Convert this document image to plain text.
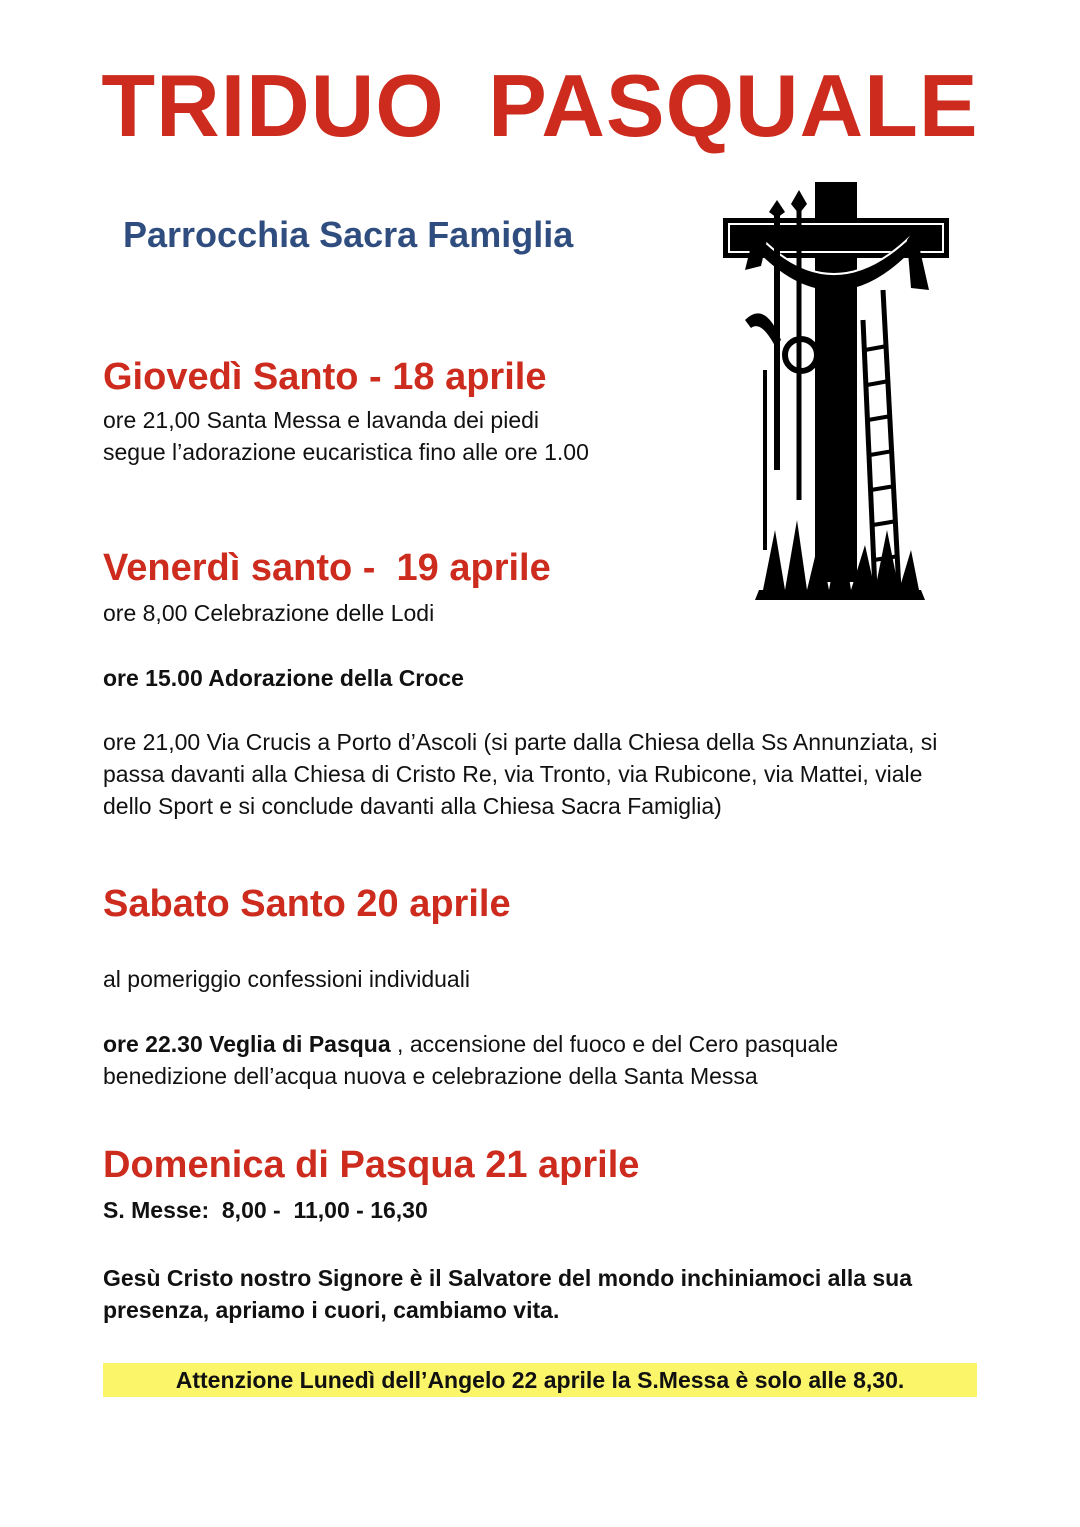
TRIDUO PASQUALE
Parrocchia Sacra Famiglia
Giovedì Santo - 18 aprile
ore 21,00 Santa Messa e lavanda dei piedi
segue l’adorazione eucaristica fino alle ore 1.00
Venerdì santo -  19 aprile
ore 8,00 Celebrazione delle Lodi
ore 15.00 Adorazione della Croce
ore 21,00 Via Crucis a Porto d’Ascoli (si parte dalla Chiesa della Ss Annunziata, si passa davanti alla Chiesa di Cristo Re, via Tronto, via Rubicone, via Mattei, viale dello Sport e si conclude davanti alla Chiesa Sacra Famiglia)
Sabato Santo 20 aprile
al pomeriggio confessioni individuali
ore 22.30 Veglia di Pasqua , accensione del fuoco e del Cero pasquale
benedizione dell’acqua nuova e celebrazione della Santa Messa
Domenica di Pasqua 21 aprile
S. Messe:  8,00 -  11,00 - 16,30
Gesù Cristo nostro Signore è il Salvatore del mondo inchiniamoci alla sua presenza, apriamo i cuori, cambiamo vita.
Attenzione Lunedì dell’Angelo 22 aprile la S.Messa è solo alle 8,30.
